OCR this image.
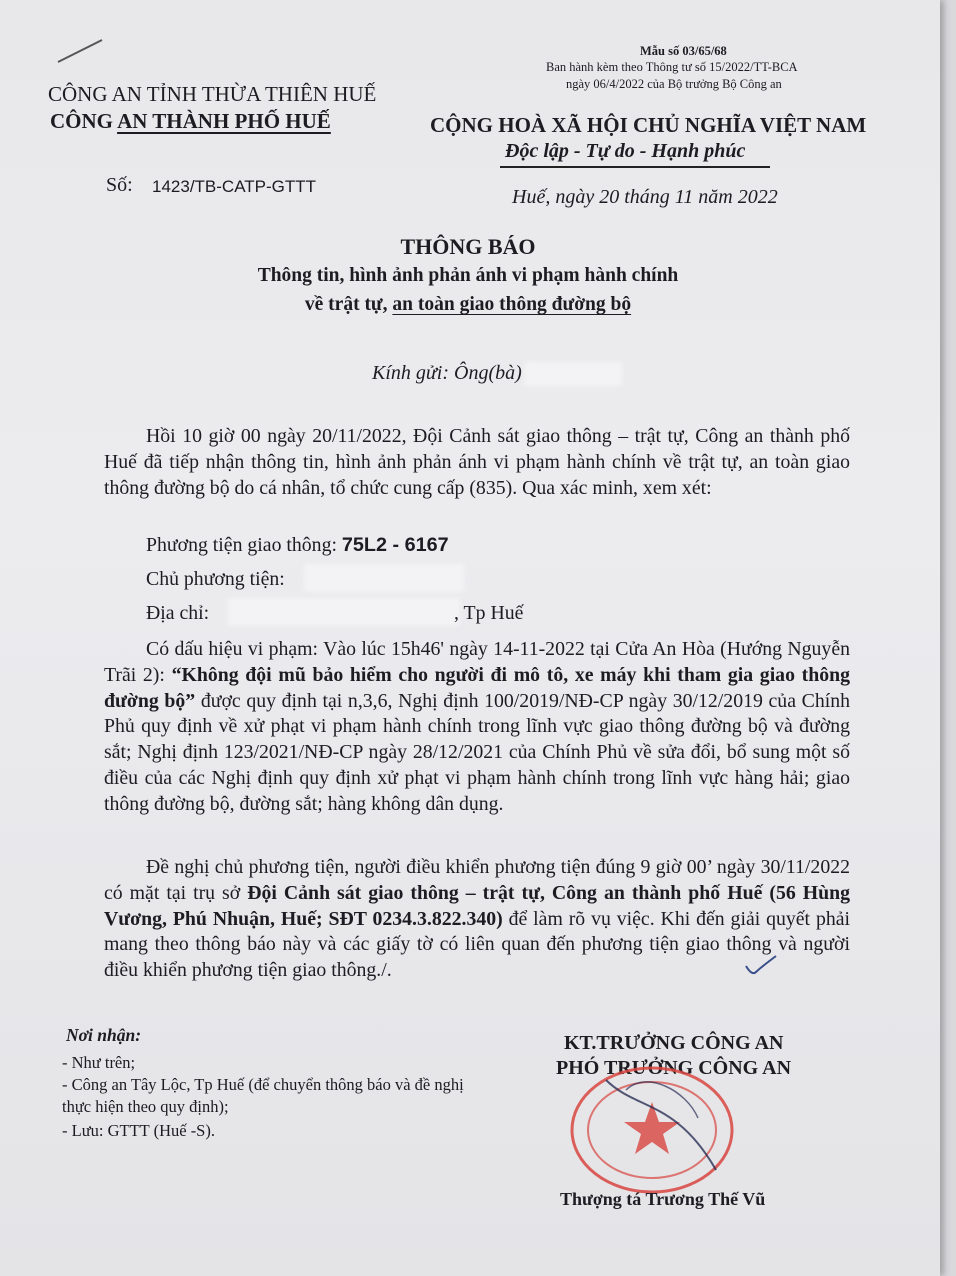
Mẫu số 03/65/68
Ban hành kèm theo Thông tư số 15/2022/TT-BCA
ngày 06/4/2022 của Bộ trưởng Bộ Công an
CÔNG AN TỈNH THỪA THIÊN HUẾ
CÔNG AN THÀNH PHỐ HUẾ	CỘNG HOÀ XÃ HỘI CHỦ NGHĨA VIỆT NAM
Độc lập - Tự do - Hạnh phúc
Số: 1423/TB-CATP-GTTT	Huế, ngày 20 tháng 11 năm 2022
THÔNG BÁO
Thông tin, hình ảnh phản ánh vi phạm hành chính
về trật tự, an toàn giao thông đường bộ
Kính gửi: Ông(bà)
Hồi 10 giờ 00 ngày 20/11/2022, Đội Cảnh sát giao thông – trật tự, Công an thành phố Huế đã tiếp nhận thông tin, hình ảnh phản ánh vi phạm hành chính về trật tự, an toàn giao thông đường bộ do cá nhân, tổ chức cung cấp (835). Qua xác minh, xem xét:
Phương tiện giao thông: 75L2 - 6167
Chủ phương tiện:
Địa chỉ:	, Tp Huế
Có dấu hiệu vi phạm: Vào lúc 15h46' ngày 14-11-2022 tại Cửa An Hòa (Hướng Nguyễn Trãi 2): “Không đội mũ bảo hiểm cho người đi mô tô, xe máy khi tham gia giao thông đường bộ” được quy định tại n,3,6, Nghị định 100/2019/NĐ-CP ngày 30/12/2019 của Chính Phủ quy định về xử phạt vi phạm hành chính trong lĩnh vực giao thông đường bộ và đường sắt; Nghị định 123/2021/NĐ-CP ngày 28/12/2021 của Chính Phủ về sửa đổi, bổ sung một số điều của các Nghị định quy định xử phạt vi phạm hành chính trong lĩnh vực hàng hải; giao thông đường bộ, đường sắt; hàng không dân dụng.
Đề nghị chủ phương tiện, người điều khiển phương tiện đúng 9 giờ 00’ ngày 30/11/2022 có mặt tại trụ sở Đội Cảnh sát giao thông – trật tự, Công an thành phố Huế (56 Hùng Vương, Phú Nhuận, Huế; SĐT 0234.3.822.340) để làm rõ vụ việc. Khi đến giải quyết phải mang theo thông báo này và các giấy tờ có liên quan đến phương tiện giao thông và người điều khiển phương tiện giao thông./.
Nơi nhận:
- Như trên;
- Công an Tây Lộc, Tp Huế (để chuyển thông báo và đề nghị thực hiện theo quy định);
- Lưu: GTTT (Huế -S).
KT.TRƯỞNG CÔNG AN
PHÓ TRƯỞNG CÔNG AN
Thượng tá Trương Thế Vũ
